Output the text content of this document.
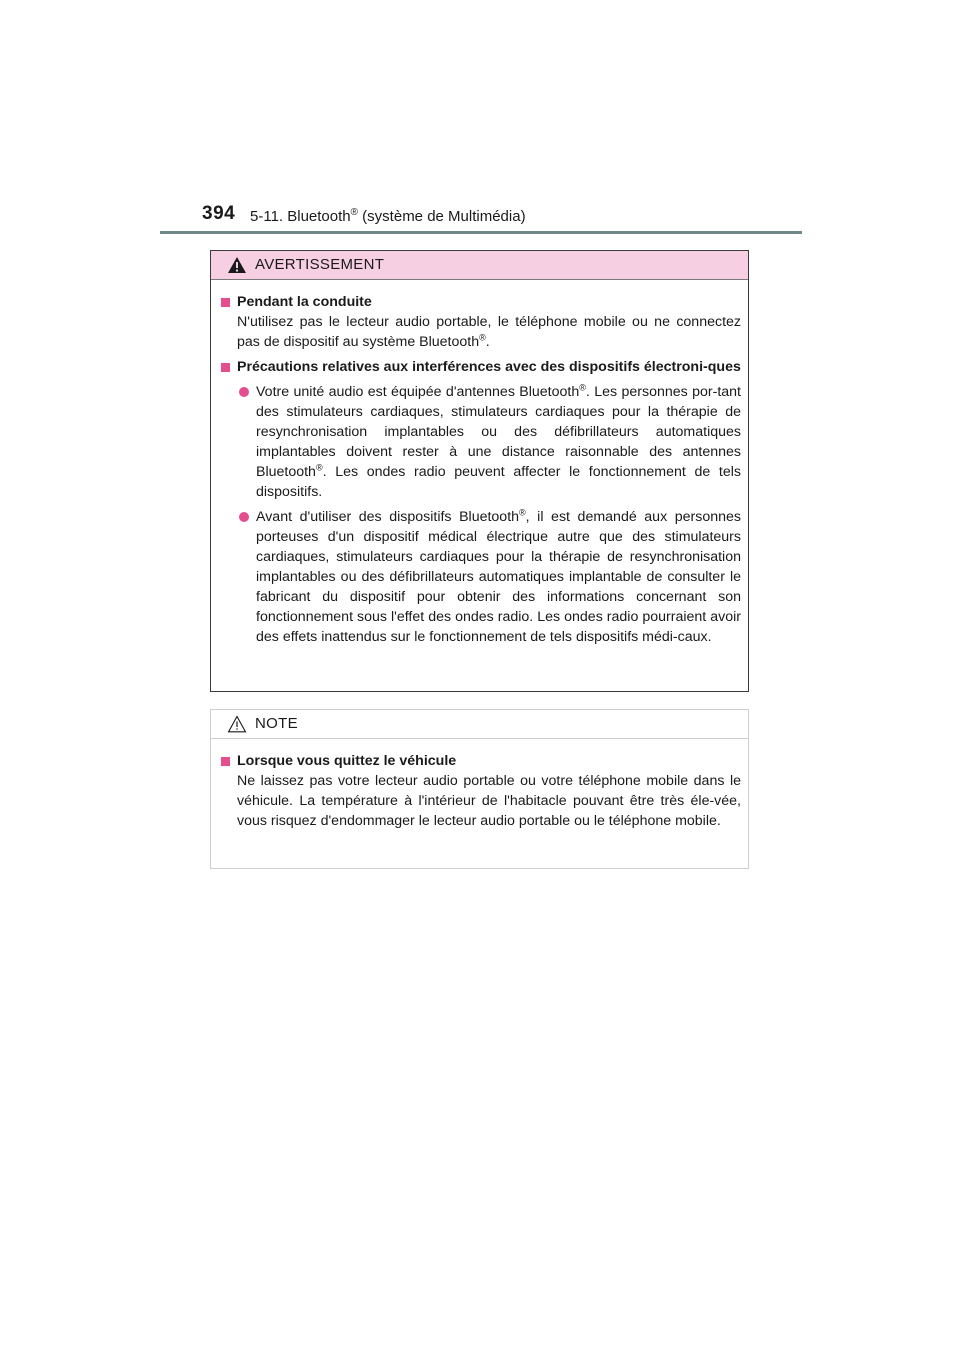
394 5-11. Bluetooth® (système de Multimédia)
AVERTISSEMENT
Pendant la conduite
N'utilisez pas le lecteur audio portable, le téléphone mobile ou ne connectez pas de dispositif au système Bluetooth®.
Précautions relatives aux interférences avec des dispositifs électroni-ques
Votre unité audio est équipée d'antennes Bluetooth®. Les personnes por-tant des stimulateurs cardiaques, stimulateurs cardiaques pour la thérapie de resynchronisation implantables ou des défibrillateurs automatiques implantables doivent rester à une distance raisonnable des antennes Bluetooth®. Les ondes radio peuvent affecter le fonctionnement de tels dispositifs.
Avant d'utiliser des dispositifs Bluetooth®, il est demandé aux personnes porteuses d'un dispositif médical électrique autre que des stimulateurs cardiaques, stimulateurs cardiaques pour la thérapie de resynchronisation implantables ou des défibrillateurs automatiques implantable de consulter le fabricant du dispositif pour obtenir des informations concernant son fonctionnement sous l'effet des ondes radio. Les ondes radio pourraient avoir des effets inattendus sur le fonctionnement de tels dispositifs médi-caux.
NOTE
Lorsque vous quittez le véhicule
Ne laissez pas votre lecteur audio portable ou votre téléphone mobile dans le véhicule. La température à l'intérieur de l'habitacle pouvant être très éle-vée, vous risquez d'endommager le lecteur audio portable ou le téléphone mobile.
